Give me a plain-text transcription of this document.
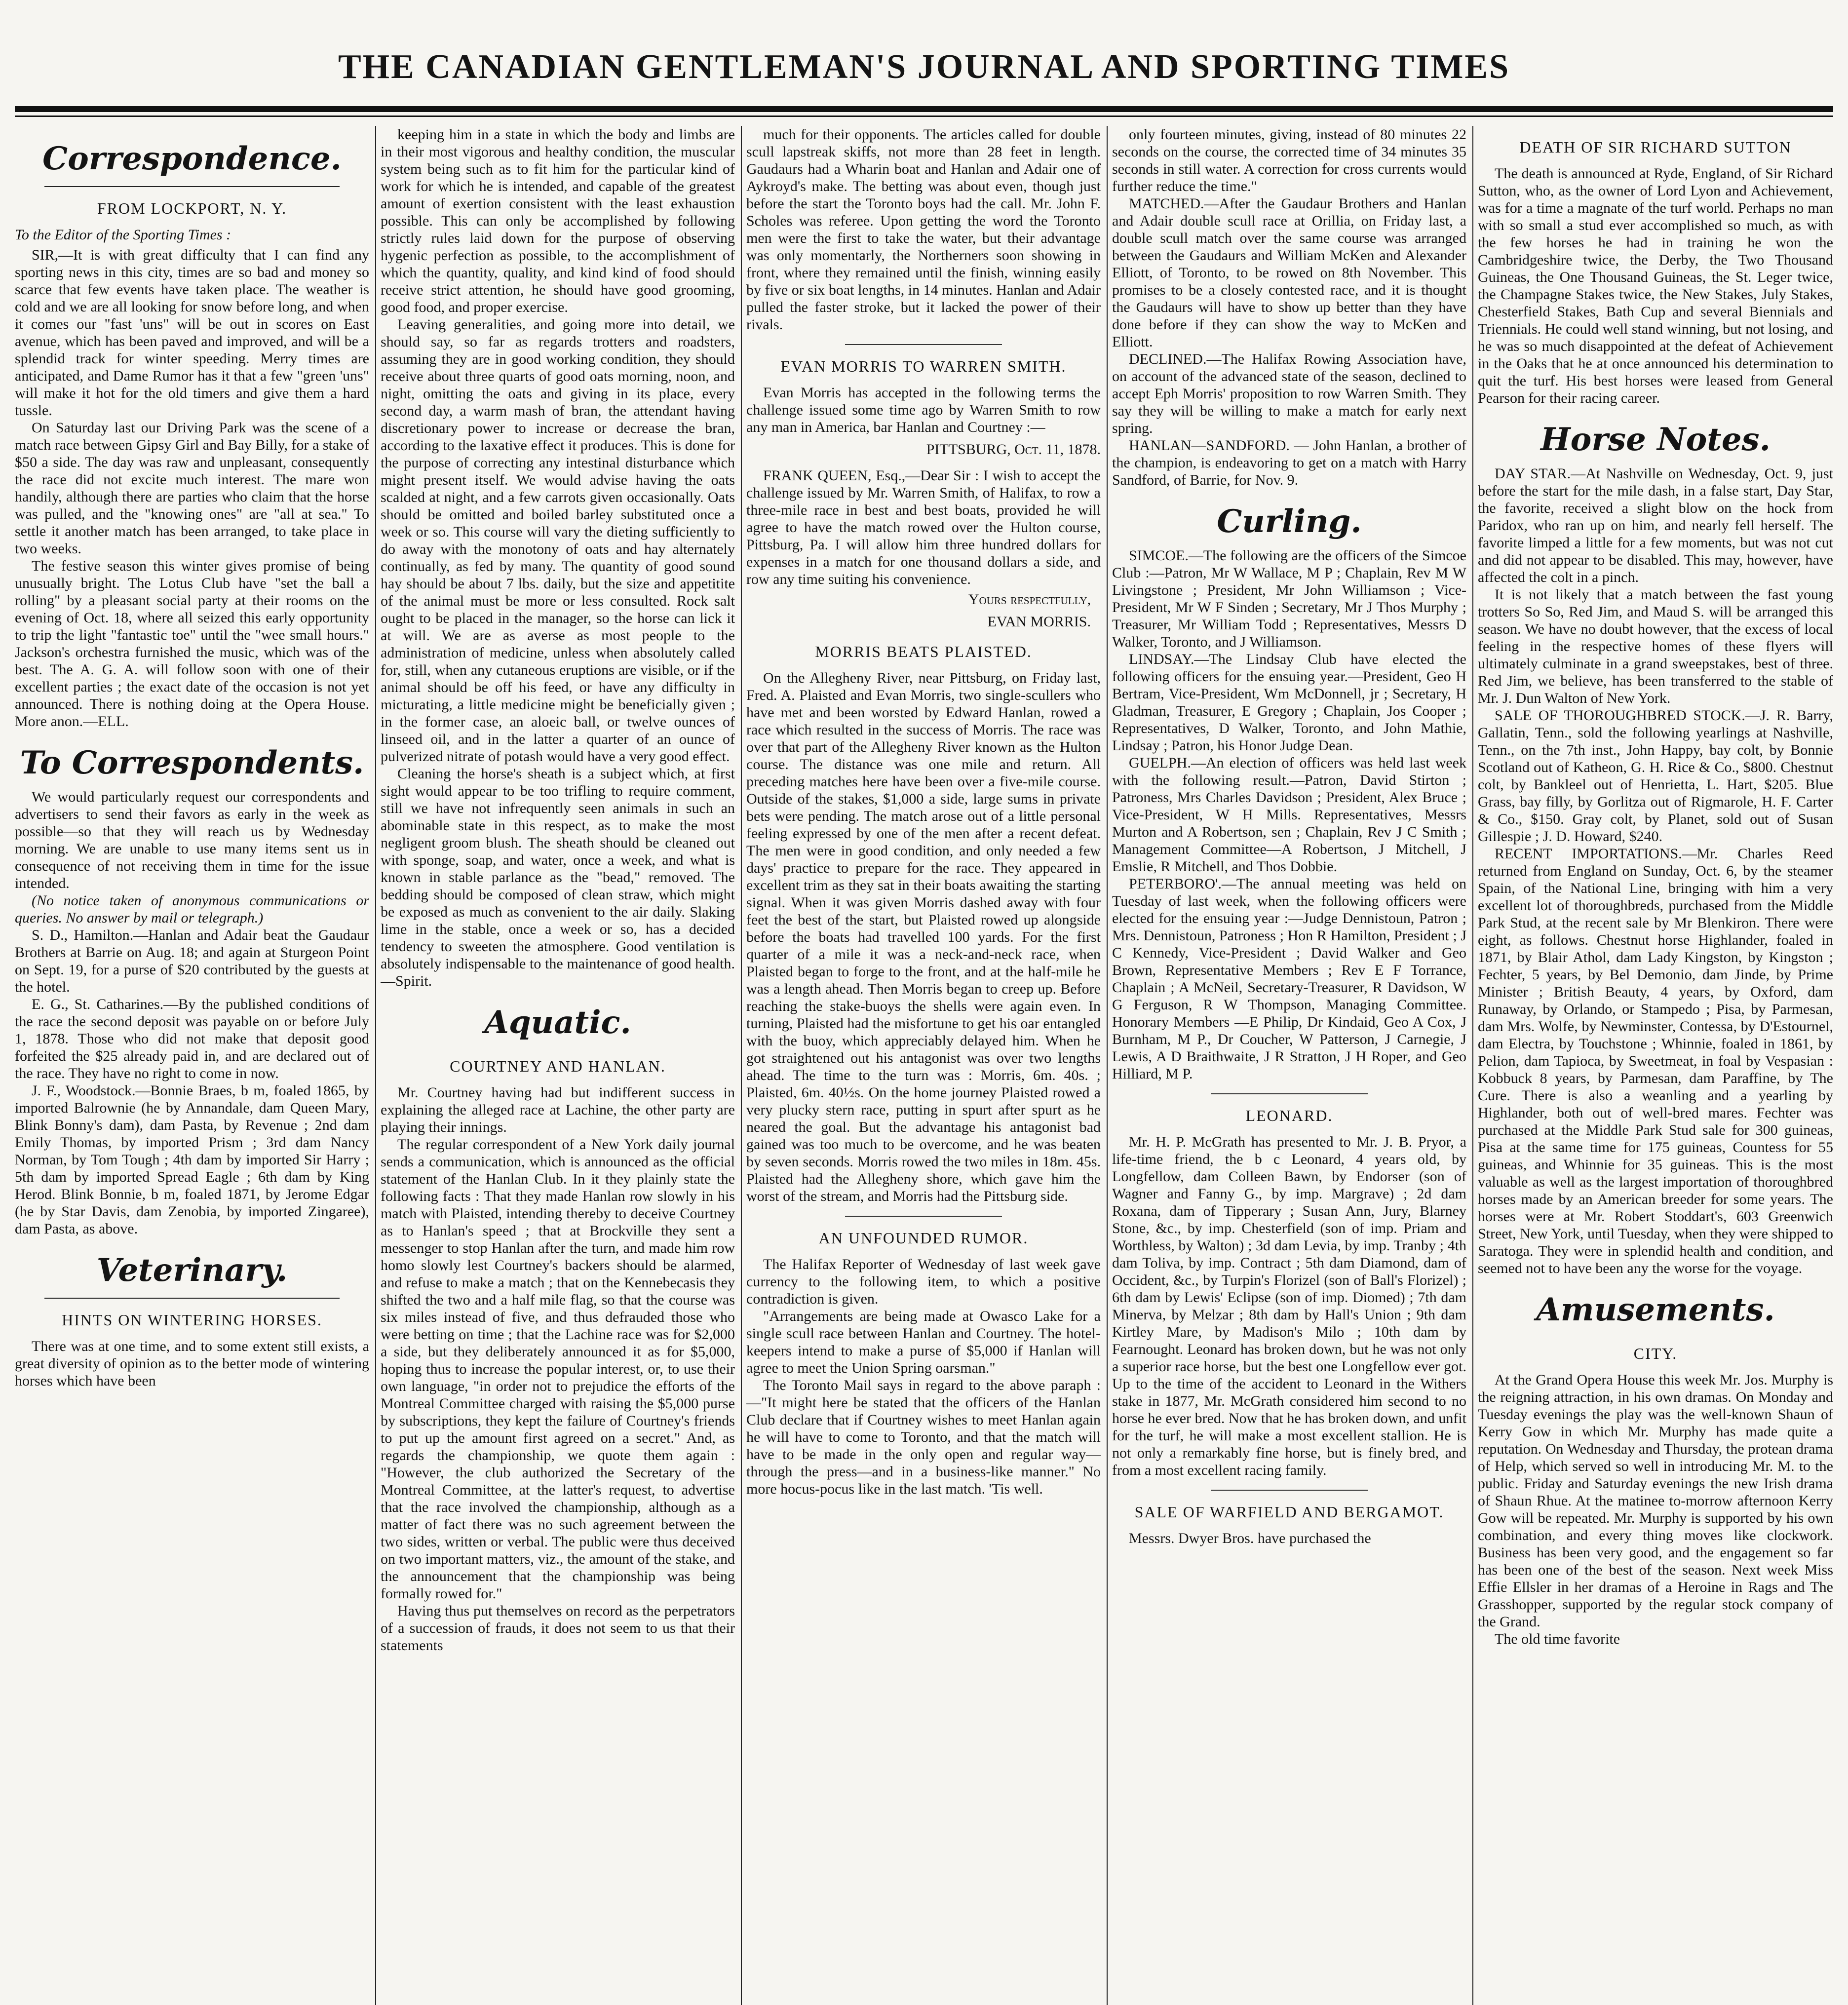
THE CANADIAN GENTLEMAN'S JOURNAL AND SPORTING TIMES
Correspondence.
FROM LOCKPORT, N. Y.
To the Editor of the Sporting Times :

SIR,—It is with great difficulty that I can find any sporting news in this city, times are so bad and money so scarce that few events have taken place. The weather is cold and we are all looking for snow before long, and when it comes our "fast 'uns" will be out in scores on East avenue, which has been paved and improved, and will be a splendid track for winter speeding. Merry times are anticipated, and Dame Rumor has it that a few "green 'uns" will make it hot for the old timers and give them a hard tussle.

On Saturday last our Driving Park was the scene of a match race between Gipsy Girl and Bay Billy, for a stake of $50 a side. The day was raw and unpleasant, consequently the race did not excite much interest. The mare won handily, although there are parties who claim that the horse was pulled, and the "knowing ones" are "all at sea." To settle it another match has been arranged, to take place in two weeks.

The festive season this winter gives promise of being unusually bright. The Lotus Club have "set the ball a rolling" by a pleasant social party at their rooms on the evening of Oct. 18, where all seized this early opportunity to trip the light "fantastic toe" until the "wee small hours." Jackson's orchestra furnished the music, which was of the best. The A. G. A. will follow soon with one of their excellent parties ; the exact date of the occasion is not yet announced. There is nothing doing at the Opera House. More anon.—ELL.

To Correspondents.

We would particularly request our correspondents and advertisers to send their favors as early in the week as possible—so that they will reach us by Wednesday morning. We are unable to use many items sent us in consequence of not receiving them in time for the issue intended.

(No notice taken of anonymous communications or queries. No answer by mail or telegraph.)

S. D., Hamilton.—Hanlan and Adair beat the Gaudaur Brothers at Barrie on Aug. 18; and again at Sturgeon Point on Sept. 19, for a purse of $20 contributed by the guests at the hotel.

E. G., St. Catharines.—By the published conditions of the race the second deposit was payable on or before July 1, 1878. Those who did not make that deposit good forfeited the $25 already paid in, and are declared out of the race. They have no right to come in now.

J. F., Woodstock.—Bonnie Braes, b m, foaled 1865, by imported Balrownie (he by Annandale, dam Queen Mary, Blink Bonny's dam), dam Pasta, by Revenue ; 2nd dam Emily Thomas, by imported Prism ; 3rd dam Nancy Norman, by Tom Tough ; 4th dam by imported Sir Harry ; 5th dam by imported Spread Eagle ; 6th dam by King Herod. Blink Bonnie, b m, foaled 1871, by Jerome Edgar (he by Star Davis, dam Zenobia, by imported Zingaree), dam Pasta, as above.

Veterinary.
HINTS ON WINTERING HORSES.

There was at one time, and to some extent still exists, a great diversity of opinion as to the better mode of wintering horses which have been

keeping him in a state in which the body and limbs are in their most vigorous and healthy condition, the muscular system being such as to fit him for the particular kind of work for which he is intended, and capable of the greatest amount of exertion consistent with the least exhaustion possible. This can only be accomplished by following strictly rules laid down for the purpose of observing hygenic perfection as possible, to the accomplishment of which the quantity, quality, and kind kind of food should receive strict attention, he should have good grooming, good food, and proper exercise.

Leaving generalities, and going more into detail, we should say, so far as regards trotters and roadsters, assuming they are in good working condition, they should receive about three quarts of good oats morning, noon, and night, omitting the oats and giving in its place, every second day, a warm mash of bran, the attendant having discretionary power to increase or decrease the bran, according to the laxative effect it produces. This is done for the purpose of correcting any intestinal disturbance which might present itself. We would advise having the oats scalded at night, and a few carrots given occasionally. Oats should be omitted and boiled barley substituted once a week or so. This course will vary the dieting sufficiently to do away with the monotony of oats and hay alternately continually, as fed by many. The quantity of good sound hay should be about 7 lbs. daily, but the size and appetitite of the animal must be more or less consulted. Rock salt ought to be placed in the manager, so the horse can lick it at will. We are as averse as most people to the administration of medicine, unless when absolutely called for, still, when any cutaneous eruptions are visible, or if the animal should be off his feed, or have any difficulty in micturating, a little medicine might be beneficially given ; in the former case, an aloeic ball, or twelve ounces of linseed oil, and in the latter a quarter of an ounce of pulverized nitrate of potash would have a very good effect.

Cleaning the horse's sheath is a subject which, at first sight would appear to be too trifling to require comment, still we have not infrequently seen animals in such an abominable state in this respect, as to make the most negligent groom blush. The sheath should be cleaned out with sponge, soap, and water, once a week, and what is known in stable parlance as the "bead," removed. The bedding should be composed of clean straw, which might be exposed as much as convenient to the air daily. Slaking lime in the stable, once a week or so, has a decided tendency to sweeten the atmosphere. Good ventilation is absolutely indispensable to the maintenance of good health.—Spirit.

Aquatic.
COURTNEY AND HANLAN.

Mr. Courtney having had but indifferent success in explaining the alleged race at Lachine, the other party are playing their innings.

The regular correspondent of a New York daily journal sends a communication, which is announced as the official statement of the Hanlan Club. In it they plainly state the following facts : That they made Hanlan row slowly in his match with Plaisted, intending thereby to deceive Courtney as to Hanlan's speed ; that at Brockville they sent a messenger to stop Hanlan after the turn, and made him row homo slowly lest Courtney's backers should be alarmed, and refuse to make a match ; that on the Kennebecasis they shifted the two and a half mile flag, so that the course was six miles instead of five, and thus defrauded those who were betting on time ; that the Lachine race was for $2,000 a side, but they deliberately announced it as for $5,000, hoping thus to increase the popular interest, or, to use their own language, "in order not to prejudice the efforts of the Montreal Committee charged with raising the $5,000 purse by subscriptions, they kept the failure of Courtney's friends to put up the amount first agreed on a secret." And, as regards the championship, we quote them again : "However, the club authorized the Secretary of the Montreal Committee, at the latter's request, to advertise that the race involved the championship, although as a matter of fact there was no such agreement between the two sides, written or verbal. The public were thus deceived on two important matters, viz., the amount of the stake, and the announcement that the championship was being formally rowed for."

Having thus put themselves on record as the perpetrators of a succession of frauds, it does not seem to us that their statements

much for their opponents. The articles called for double scull lapstreak skiffs, not more than 28 feet in length. Gaudaurs had a Wharin boat and Hanlan and Adair one of Aykroyd's make. The betting was about even, though just before the start the Toronto boys had the call. Mr. John F. Scholes was referee. Upon getting the word the Toronto men were the first to take the water, but their advantage was only momentarly, the Northerners soon showing in front, where they remained until the finish, winning easily by five or six boat lengths, in 14 minutes. Hanlan and Adair pulled the faster stroke, but it lacked the power of their rivals.

EVAN MORRIS TO WARREN SMITH.

Evan Morris has accepted in the following terms the challenge issued some time ago by Warren Smith to row any man in America, bar Hanlan and Courtney :—

PITTSBURG, Oct. 11, 1878.

FRANK QUEEN, Esq.,—Dear Sir : I wish to accept the challenge issued by Mr. Warren Smith, of Halifax, to row a three-mile race in best and best boats, provided he will agree to have the match rowed over the Hulton course, Pittsburg, Pa. I will allow him three hundred dollars for expenses in a match for one thousand dollars a side, and row any time suiting his convenience.

Yours respectfully,
EVAN MORRIS.
MORRIS BEATS PLAISTED.

On the Allegheny River, near Pittsburg, on Friday last, Fred. A. Plaisted and Evan Morris, two single-scullers who have met and been worsted by Edward Hanlan, rowed a race which resulted in the success of Morris. The race was over that part of the Allegheny River known as the Hulton course. The distance was one mile and return. All preceding matches here have been over a five-mile course. Outside of the stakes, $1,000 a side, large sums in private bets were pending. The match arose out of a little personal feeling expressed by one of the men after a recent defeat. The men were in good condition, and only needed a few days' practice to prepare for the race. They appeared in excellent trim as they sat in their boats awaiting the starting signal. When it was given Morris dashed away with four feet the best of the start, but Plaisted rowed up alongside before the boats had travelled 100 yards. For the first quarter of a mile it was a neck-and-neck race, when Plaisted began to forge to the front, and at the half-mile he was a length ahead. Then Morris began to creep up. Before reaching the stake-buoys the shells were again even. In turning, Plaisted had the misfortune to get his oar entangled with the buoy, which appreciably delayed him. When he got straightened out his antagonist was over two lengths ahead. The time to the turn was : Morris, 6m. 40s. ; Plaisted, 6m. 40½s. On the home journey Plaisted rowed a very plucky stern race, putting in spurt after spurt as he neared the goal. But the advantage his antagonist bad gained was too much to be overcome, and he was beaten by seven seconds. Morris rowed the two miles in 18m. 45s. Plaisted had the Allegheny shore, which gave him the worst of the stream, and Morris had the Pittsburg side.

AN UNFOUNDED RUMOR.

The Halifax Reporter of Wednesday of last week gave currency to the following item, to which a positive contradiction is given.

"Arrangements are being made at Owasco Lake for a single scull race between Hanlan and Courtney. The hotel-keepers intend to make a purse of $5,000 if Hanlan will agree to meet the Union Spring oarsman."

The Toronto Mail says in regard to the above paraph :—"It might here be stated that the officers of the Hanlan Club declare that if Courtney wishes to meet Hanlan again he will have to come to Toronto, and that the match will have to be made in the only open and regular way—through the press—and in a business-like manner." No more hocus-pocus like in the last match. 'Tis well.

only fourteen minutes, giving, instead of 80 minutes 22 seconds on the course, the corrected time of 34 minutes 35 seconds in still water. A correction for cross currents would further reduce the time."

MATCHED.—After the Gaudaur Brothers and Hanlan and Adair double scull race at Orillia, on Friday last, a double scull match over the same course was arranged between the Gaudaurs and William McKen and Alexander Elliott, of Toronto, to be rowed on 8th November. This promises to be a closely contested race, and it is thought the Gaudaurs will have to show up better than they have done before if they can show the way to McKen and Elliott.

DECLINED.—The Halifax Rowing Association have, on account of the advanced state of the season, declined to accept Eph Morris' proposition to row Warren Smith. They say they will be willing to make a match for early next spring.

HANLAN—SANDFORD. — John Hanlan, a brother of the champion, is endeavoring to get on a match with Harry Sandford, of Barrie, for Nov. 9.

Curling.

SIMCOE.—The following are the officers of the Simcoe Club :—Patron, Mr W Wallace, M P ; Chaplain, Rev M W Livingstone ; President, Mr John Williamson ; Vice-President, Mr W F Sinden ; Secretary, Mr J Thos Murphy ; Treasurer, Mr William Todd ; Representatives, Messrs D Walker, Toronto, and J Williamson.

LINDSAY.—The Lindsay Club have elected the following officers for the ensuing year.—President, Geo H Bertram, Vice-President, Wm McDonnell, jr ; Secretary, H Gladman, Treasurer, E Gregory ; Chaplain, Jos Cooper ; Representatives, D Walker, Toronto, and John Mathie, Lindsay ; Patron, his Honor Judge Dean.

GUELPH.—An election of officers was held last week with the following result.—Patron, David Stirton ; Patroness, Mrs Charles Davidson ; President, Alex Bruce ; Vice-President, W H Mills. Representatives, Messrs Murton and A Robertson, sen ; Chaplain, Rev J C Smith ; Management Committee—A Robertson, J Mitchell, J Emslie, R Mitchell, and Thos Dobbie.

PETERBORO'.—The annual meeting was held on Tuesday of last week, when the following officers were elected for the ensuing year :—Judge Dennistoun, Patron ; Mrs. Dennistoun, Patroness ; Hon R Hamilton, President ; J C Kennedy, Vice-President ; David Walker and Geo Brown, Representative Members ; Rev E F Torrance, Chaplain ; A McNeil, Secretary-Treasurer, R Davidson, W G Ferguson, R W Thompson, Managing Committee. Honorary Members —E Philip, Dr Kindaid, Geo A Cox, J Burnham, M P., Dr Coucher, W Patterson, J Carnegie, J Lewis, A D Braithwaite, J R Stratton, J H Roper, and Geo Hilliard, M P.

LEONARD.

Mr. H. P. McGrath has presented to Mr. J. B. Pryor, a life-time friend, the b c Leonard, 4 years old, by Longfellow, dam Colleen Bawn, by Endorser (son of Wagner and Fanny G., by imp. Margrave) ; 2d dam Roxana, dam of Tipperary ; Susan Ann, Jury, Blarney Stone, &c., by imp. Chesterfield (son of imp. Priam and Worthless, by Walton) ; 3d dam Levia, by imp. Tranby ; 4th dam Toliva, by imp. Contract ; 5th dam Diamond, dam of Occident, &c., by Turpin's Florizel (son of Ball's Florizel) ; 6th dam by Lewis' Eclipse (son of imp. Diomed) ; 7th dam Minerva, by Melzar ; 8th dam by Hall's Union ; 9th dam Kirtley Mare, by Madison's Milo ; 10th dam by Fearnought. Leonard has broken down, but he was not only a superior race horse, but the best one Longfellow ever got. Up to the time of the accident to Leonard in the Withers stake in 1877, Mr. McGrath considered him second to no horse he ever bred. Now that he has broken down, and unfit for the turf, he will make a most excellent stallion. He is not only a remarkably fine horse, but is finely bred, and from a most excellent racing family.

SALE OF WARFIELD AND BERGAMOT.

Messrs. Dwyer Bros. have purchased the

DEATH OF SIR RICHARD SUTTON

The death is announced at Ryde, England, of Sir Richard Sutton, who, as the owner of Lord Lyon and Achievement, was for a time a magnate of the turf world. Perhaps no man with so small a stud ever accomplished so much, as with the few horses he had in training he won the Cambridgeshire twice, the Derby, the Two Thousand Guineas, the One Thousand Guineas, the St. Leger twice, the Champagne Stakes twice, the New Stakes, July Stakes, Chesterfield Stakes, Bath Cup and several Biennials and Triennials. He could well stand winning, but not losing, and he was so much disappointed at the defeat of Achievement in the Oaks that he at once announced his determination to quit the turf. His best horses were leased from General Pearson for their racing career.

Horse Notes.

DAY STAR.—At Nashville on Wednesday, Oct. 9, just before the start for the mile dash, in a false start, Day Star, the favorite, received a slight blow on the hock from Paridox, who ran up on him, and nearly fell herself. The favorite limped a little for a few moments, but was not cut and did not appear to be disabled. This may, however, have affected the colt in a pinch.

It is not likely that a match between the fast young trotters So So, Red Jim, and Maud S. will be arranged this season. We have no doubt however, that the excess of local feeling in the respective homes of these flyers will ultimately culminate in a grand sweepstakes, best of three. Red Jim, we believe, has been transferred to the stable of Mr. J. Dun Walton of New York.

SALE OF THOROUGHBRED STOCK.—J. R. Barry, Gallatin, Tenn., sold the following yearlings at Nashville, Tenn., on the 7th inst., John Happy, bay colt, by Bonnie Scotland out of Katheon, G. H. Rice & Co., $800. Chestnut colt, by Bankleel out of Henrietta, L. Hart, $205. Blue Grass, bay filly, by Gorlitza out of Rigmarole, H. F. Carter & Co., $150. Gray colt, by Planet, sold out of Susan Gillespie ; J. D. Howard, $240.

RECENT IMPORTATIONS.—Mr. Charles Reed returned from England on Sunday, Oct. 6, by the steamer Spain, of the National Line, bringing with him a very excellent lot of thoroughbreds, purchased from the Middle Park Stud, at the recent sale by Mr Blenkiron. There were eight, as follows. Chestnut horse Highlander, foaled in 1871, by Blair Athol, dam Lady Kingston, by Kingston ; Fechter, 5 years, by Bel Demonio, dam Jinde, by Prime Minister ; British Beauty, 4 years, by Oxford, dam Runaway, by Orlando, or Stampedo ; Pisa, by Parmesan, dam Mrs. Wolfe, by Newminster, Contessa, by D'Estournel, dam Electra, by Touchstone ; Whinnie, foaled in 1861, by Pelion, dam Tapioca, by Sweetmeat, in foal by Vespasian : Kobbuck 8 years, by Parmesan, dam Paraffine, by The Cure. There is also a weanling and a yearling by Highlander, both out of well-bred mares. Fechter was purchased at the Middle Park Stud sale for 300 guineas, Pisa at the same time for 175 guineas, Countess for 55 guineas, and Whinnie for 35 guineas. This is the most valuable as well as the largest importation of thoroughbred horses made by an American breeder for some years. The horses were at Mr. Robert Stoddart's, 603 Greenwich Street, New York, until Tuesday, when they were shipped to Saratoga. They were in splendid health and condition, and seemed not to have been any the worse for the voyage.

Amusements.
CITY.

At the Grand Opera House this week Mr. Jos. Murphy is the reigning attraction, in his own dramas. On Monday and Tuesday evenings the play was the well-known Shaun of Kerry Gow in which Mr. Murphy has made quite a reputation. On Wednesday and Thursday, the protean drama of Help, which served so well in introducing Mr. M. to the public. Friday and Saturday evenings the new Irish drama of Shaun Rhue. At the matinee to-morrow afternoon Kerry Gow will be repeated. Mr. Murphy is supported by his own combination, and every thing moves like clockwork. Business has been very good, and the engagement so far has been one of the best of the season. Next week Miss Effie Ellsler in her dramas of a Heroine in Rags and The Grasshopper, supported by the regular stock company of the Grand.

The old time favorite
